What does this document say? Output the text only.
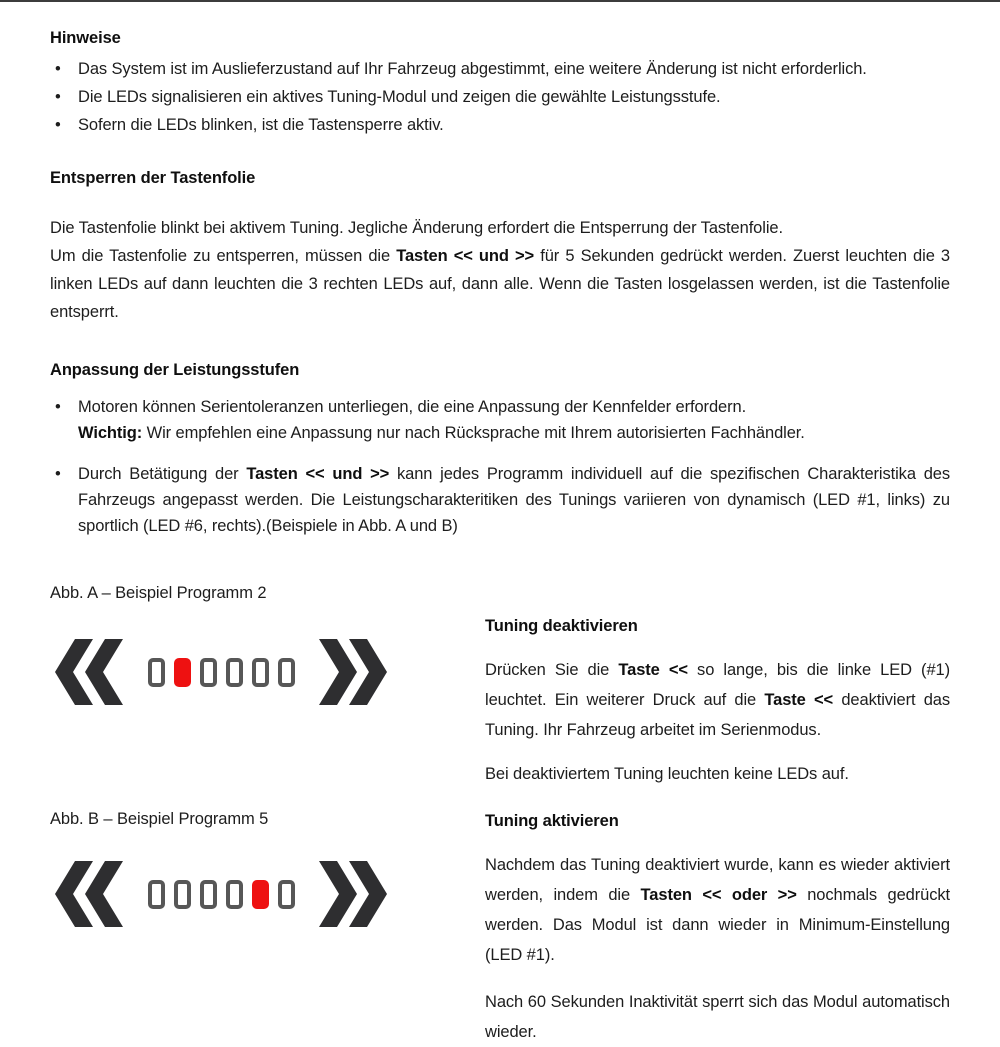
Hinweise
• Das System ist im Auslieferzustand auf Ihr Fahrzeug abgestimmt, eine weitere Änderung ist nicht erforderlich.
• Die LEDs signalisieren ein aktives Tuning-Modul und zeigen die gewählte Leistungsstufe.
• Sofern die LEDs blinken, ist die Tastensperre aktiv.
Entsperren der Tastenfolie

Die Tastenfolie blinkt bei aktivem Tuning. Jegliche Änderung erfordert die Entsperrung der Tastenfolie.

Um die Tastenfolie zu entsperren, müssen die Tasten << und >> für 5 Sekunden gedrückt werden. Zuerst leuchten die 3 linken LEDs auf dann leuchten die 3 rechten LEDs auf, dann alle. Wenn die Tasten losgelassen werden, ist die Tastenfolie entsperrt.

Anpassung der Leistungsstufen
• Motoren können Serientoleranzen unterliegen, die eine Anpassung der Kennfelder erfordern.
Wichtig: Wir empfehlen eine Anpassung nur nach Rücksprache mit Ihrem autorisierten Fachhändler.
• Durch Betätigung der Tasten << und >> kann jedes Programm individuell auf die spezifischen Charakteristika des Fahrzeugs angepasst werden. Die Leistungscharakteritiken des Tunings variieren von dynamisch (LED #1, links) zu sportlich (LED #6, rechts).(Beispiele in Abb. A und B)
Abb. A – Beispiel Programm 2
Abb. B – Beispiel Programm 5
Tuning deaktivieren

Drücken Sie die Taste << so lange, bis die linke LED (#1) leuchtet. Ein weiterer Druck auf die Taste << deaktiviert das Tuning. Ihr Fahrzeug arbeitet im Serienmodus.

Bei deaktiviertem Tuning leuchten keine LEDs auf.

Tuning aktivieren

Nachdem das Tuning deaktiviert wurde, kann es wieder aktiviert werden, indem die Tasten << oder >> nochmals gedrückt werden. Das Modul ist dann wieder in Minimum-Einstellung (LED #1).

Nach 60 Sekunden Inaktivität sperrt sich das Modul automatisch wieder.
